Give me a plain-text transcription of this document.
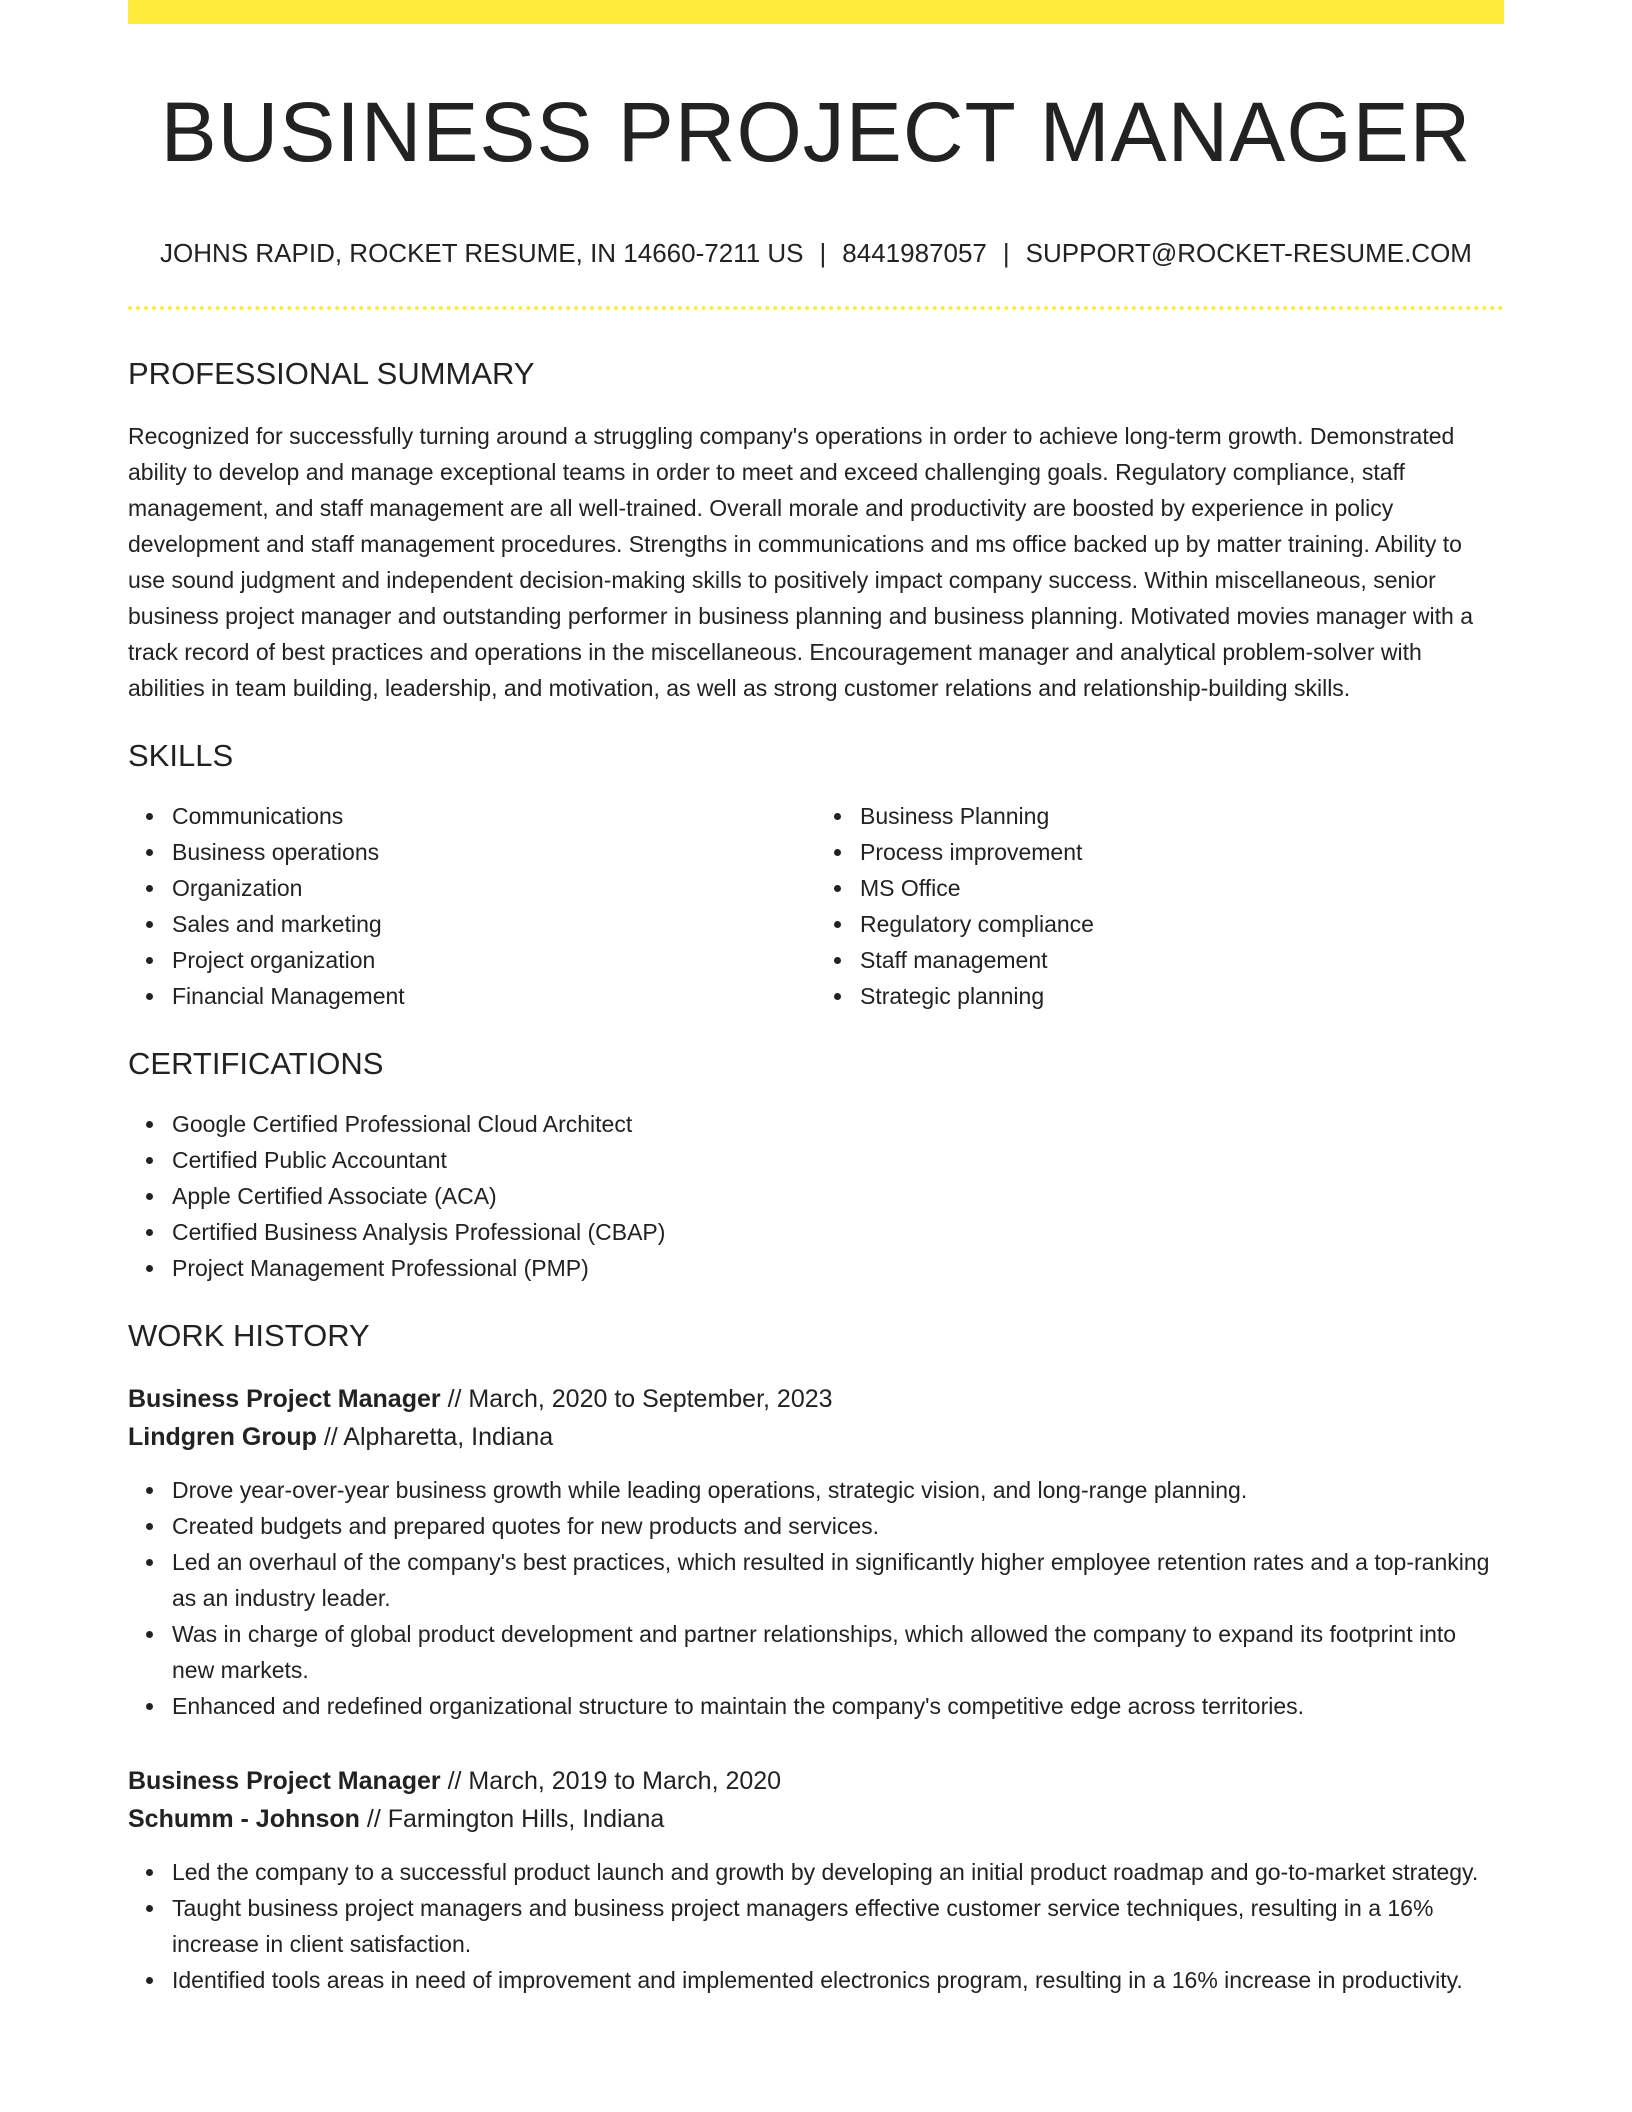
BUSINESS PROJECT MANAGER
JOHNS RAPID, ROCKET RESUME, IN 14660-7211 US | 8441987057 | SUPPORT@ROCKET-RESUME.COM
PROFESSIONAL SUMMARY
Recognized for successfully turning around a struggling company's operations in order to achieve long-term growth. Demonstrated ability to develop and manage exceptional teams in order to meet and exceed challenging goals. Regulatory compliance, staff management, and staff management are all well-trained. Overall morale and productivity are boosted by experience in policy development and staff management procedures. Strengths in communications and ms office backed up by matter training. Ability to use sound judgment and independent decision-making skills to positively impact company success. Within miscellaneous, senior business project manager and outstanding performer in business planning and business planning. Motivated movies manager with a track record of best practices and operations in the miscellaneous. Encouragement manager and analytical problem-solver with abilities in team building, leadership, and motivation, as well as strong customer relations and relationship-building skills.
SKILLS
Communications
Business operations
Organization
Sales and marketing
Project organization
Financial Management
Business Planning
Process improvement
MS Office
Regulatory compliance
Staff management
Strategic planning
CERTIFICATIONS
Google Certified Professional Cloud Architect
Certified Public Accountant
Apple Certified Associate (ACA)
Certified Business Analysis Professional (CBAP)
Project Management Professional (PMP)
WORK HISTORY
Business Project Manager // March, 2020 to September, 2023
Lindgren Group // Alpharetta, Indiana
Drove year-over-year business growth while leading operations, strategic vision, and long-range planning.
Created budgets and prepared quotes for new products and services.
Led an overhaul of the company's best practices, which resulted in significantly higher employee retention rates and a top-ranking as an industry leader.
Was in charge of global product development and partner relationships, which allowed the company to expand its footprint into new markets.
Enhanced and redefined organizational structure to maintain the company's competitive edge across territories.
Business Project Manager // March, 2019 to March, 2020
Schumm - Johnson // Farmington Hills, Indiana
Led the company to a successful product launch and growth by developing an initial product roadmap and go-to-market strategy.
Taught business project managers and business project managers effective customer service techniques, resulting in a 16% increase in client satisfaction.
Identified tools areas in need of improvement and implemented electronics program, resulting in a 16% increase in productivity.
